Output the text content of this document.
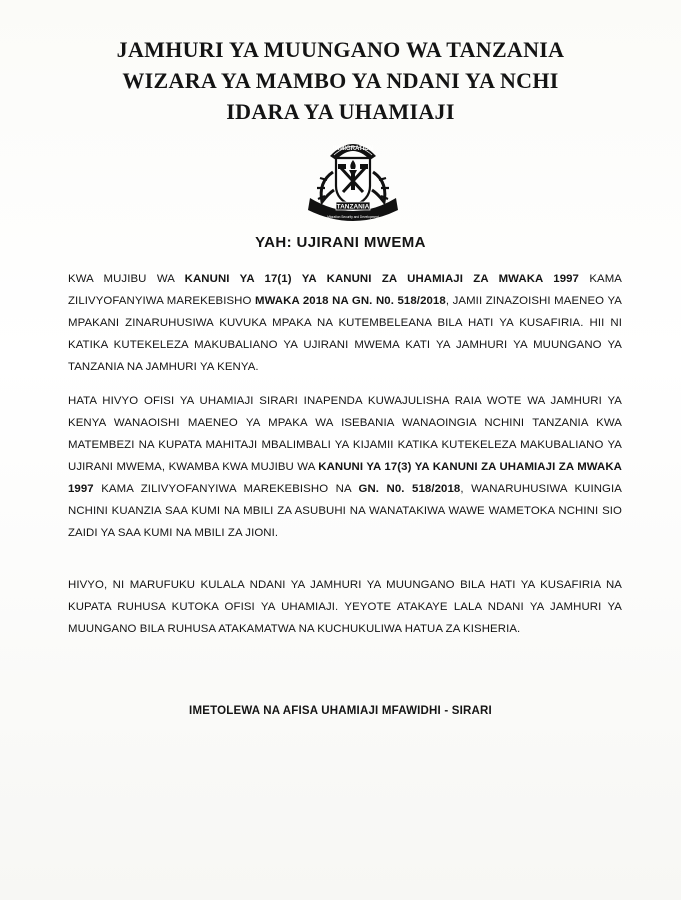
JAMHURI YA MUUNGANO WA TANZANIA
WIZARA YA MAMBO YA NDANI YA NCHI
IDARA YA UHAMIAJI
IMMIGRATION
TANZANIA
Migration Security and Development
YAH: UJIRANI MWEMA
KWA MUJIBU WA KANUNI YA 17(1) YA KANUNI ZA UHAMIAJI ZA MWAKA 1997 KAMA ZILIVYOFANYIWA MAREKEBISHO MWAKA 2018 NA GN. N0. 518/2018, JAMII ZINAZOISHI MAENEO YA MPAKANI ZINARUHUSIWA KUVUKA MPAKA NA KUTEMBELEANA BILA HATI YA KUSAFIRIA. HII NI KATIKA KUTEKELEZA MAKUBALIANO YA UJIRANI MWEMA KATI YA JAMHURI YA MUUNGANO YA TANZANIA NA JAMHURI YA KENYA.
HATA HIVYO OFISI YA UHAMIAJI SIRARI INAPENDA KUWAJULISHA RAIA WOTE WA JAMHURI YA KENYA WANAOISHI MAENEO YA MPAKA WA ISEBANIA WANAOINGIA NCHINI TANZANIA KWA MATEMBEZI NA KUPATA MAHITAJI MBALIMBALI YA KIJAMII KATIKA KUTEKELEZA MAKUBALIANO YA UJIRANI MWEMA, KWAMBA KWA MUJIBU WA KANUNI YA 17(3) YA KANUNI ZA UHAMIAJI ZA MWAKA 1997 KAMA ZILIVYOFANYIWA MAREKEBISHO NA GN. N0. 518/2018, WANARUHUSIWA KUINGIA NCHINI KUANZIA SAA KUMI NA MBILI ZA ASUBUHI NA WANATAKIWA WAWE WAMETOKA NCHINI SIO ZAIDI YA SAA KUMI NA MBILI ZA JIONI.
HIVYO, NI MARUFUKU KULALA NDANI YA JAMHURI YA MUUNGANO BILA HATI YA KUSAFIRIA NA KUPATA RUHUSA KUTOKA OFISI YA UHAMIAJI. YEYOTE ATAKAYE LALA NDANI YA JAMHURI YA MUUNGANO BILA RUHUSA ATAKAMATWA NA KUCHUKULIWA HATUA ZA KISHERIA.
IMETOLEWA NA AFISA UHAMIAJI MFAWIDHI - SIRARI
